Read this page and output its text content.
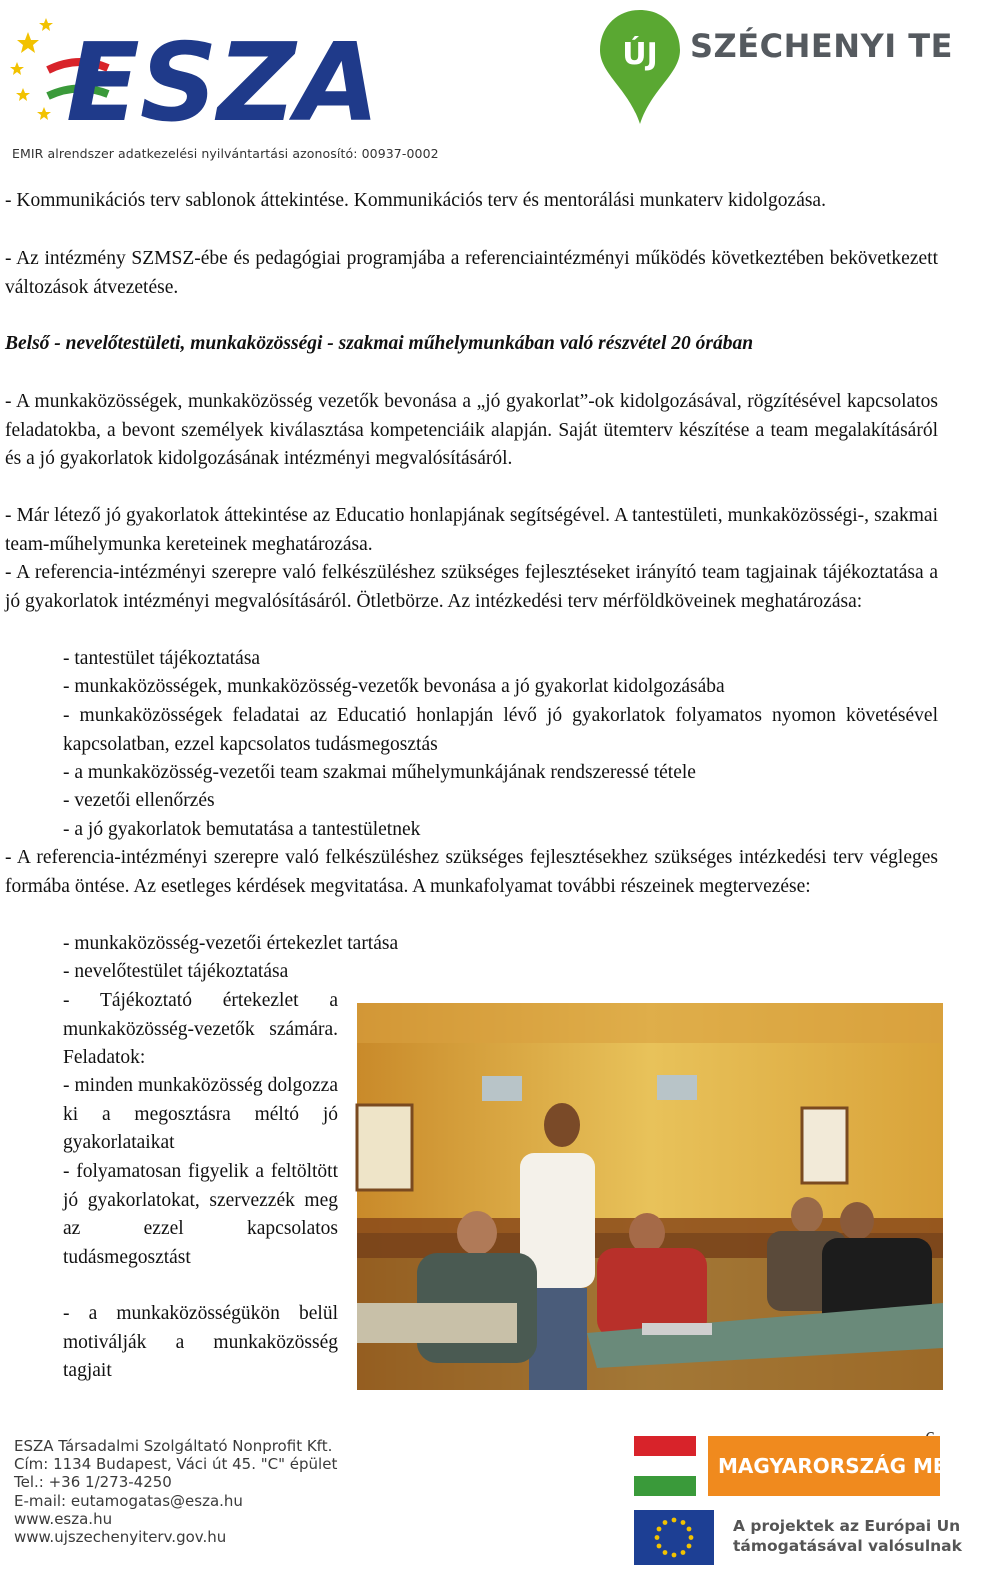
ESZA
EMIR alrendszer adatkezelési nyilvántartási azonosító: 00937-0002
ÚJ SZÉCHENYI TE

- Kommunikációs terv sablonok áttekintése. Kommunikációs terv és mentorálási munkaterv kidolgozása.

- Az intézmény SZMSZ-ébe és pedagógiai programjába a referenciaintézményi működés következtében bekövetkezett változások átvezetése.

Belső - nevelőtestületi, munkaközösségi - szakmai műhelymunkában való részvétel 20 órában

- A munkaközösségek, munkaközösség vezetők bevonása a „jó gyakorlat”-ok kidolgozásával, rögzítésével kapcsolatos feladatokba, a bevont személyek kiválasztása kompetenciáik alapján. Saját ütemterv készítése a team megalakításáról és a jó gyakorlatok kidolgozásának intézményi megvalósításáról.

- Már létező jó gyakorlatok áttekintése az Educatio honlapjának segítségével. A tantestületi, munkaközösségi-, szakmai team-műhelymunka kereteinek meghatározása.

- A referencia-intézményi szerepre való felkészüléshez szükséges fejlesztéseket irányító team tagjainak tájékoztatása a jó gyakorlatok intézményi megvalósításáról. Ötletbörze. Az intézkedési terv mérföldköveinek meghatározása:

- tantestület tájékoztatása

- munkaközösségek, munkaközösség-vezetők bevonása a jó gyakorlat kidolgozásába

- munkaközösségek feladatai az Educatió honlapján lévő jó gyakorlatok folyamatos nyomon követésével kapcsolatban, ezzel kapcsolatos tudásmegosztás

- a munkaközösség-vezetői team szakmai műhelymunkájának rendszeressé tétele

- vezetői ellenőrzés

- a jó gyakorlatok bemutatása a tantestületnek

- A referencia-intézményi szerepre való felkészüléshez szükséges fejlesztésekhez szükséges intézkedési terv végleges formába öntése. Az esetleges kérdések megvitatása. A munkafolyamat további részeinek megtervezése:

- munkaközösség-vezetői értekezlet tartása

- nevelőtestület tájékoztatása

- Tájékoztató értekezlet a munkaközösség-vezetők számára. Feladatok:

- minden munkaközösség dolgozza ki a megosztásra méltó jó gyakorlataikat

- folyamatosan figyelik a feltöltött jó gyakorlatokat, szervezzék meg az ezzel kapcsolatos tudásmegosztást

- a munkaközösségükön belül motiválják a munkaközösség tagjait

ESZA Társadalmi Szolgáltató Nonprofit Kft.
Cím: 1134 Budapest, Váci út 45. "C" épület
Tel.: +36 1/273-4250
E-mail: eutamogatas@esza.hu
www.esza.hu
www.ujszechenyiterv.gov.hu
MAGYARORSZÁG MEGÚJ
A projektek az Európai Un
támogatásával valósulnak
